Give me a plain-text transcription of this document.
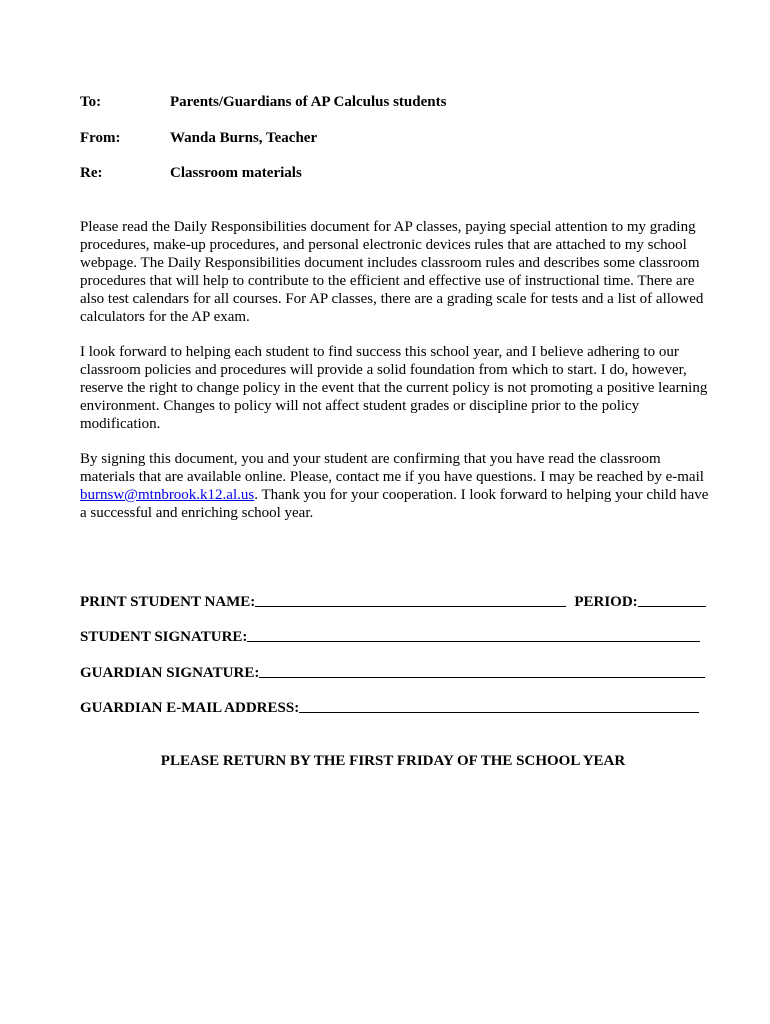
To:	Parents/Guardians of AP Calculus students
From:	Wanda Burns, Teacher
Re:	Classroom materials

Please read the Daily Responsibilities document for AP classes, paying special attention to my grading procedures, make-up procedures, and personal electronic devices rules that are attached to my school webpage. The Daily Responsibilities document includes classroom rules and describes some classroom procedures that will help to contribute to the efficient and effective use of instructional time. There are also test calendars for all courses. For AP classes, there are a grading scale for tests and a list of allowed calculators for the AP exam.

I look forward to helping each student to find success this school year, and I believe adhering to our classroom policies and procedures will provide a solid foundation from which to start. I do, however, reserve the right to change policy in the event that the current policy is not promoting a positive learning environment. Changes to policy will not affect student grades or discipline prior to the policy modification.

By signing this document, you and your student are confirming that you have read the classroom materials that are available online. Please, contact me if you have questions. I may be reached by e-mail burnsw@mtnbrook.k12.al.us. Thank you for your cooperation. I look forward to helping your child have a successful and enriching school year.

PRINT STUDENT NAME:	PERIOD:
STUDENT SIGNATURE:
GUARDIAN SIGNATURE:
GUARDIAN E-MAIL ADDRESS:
PLEASE RETURN BY THE FIRST FRIDAY OF THE SCHOOL YEAR
